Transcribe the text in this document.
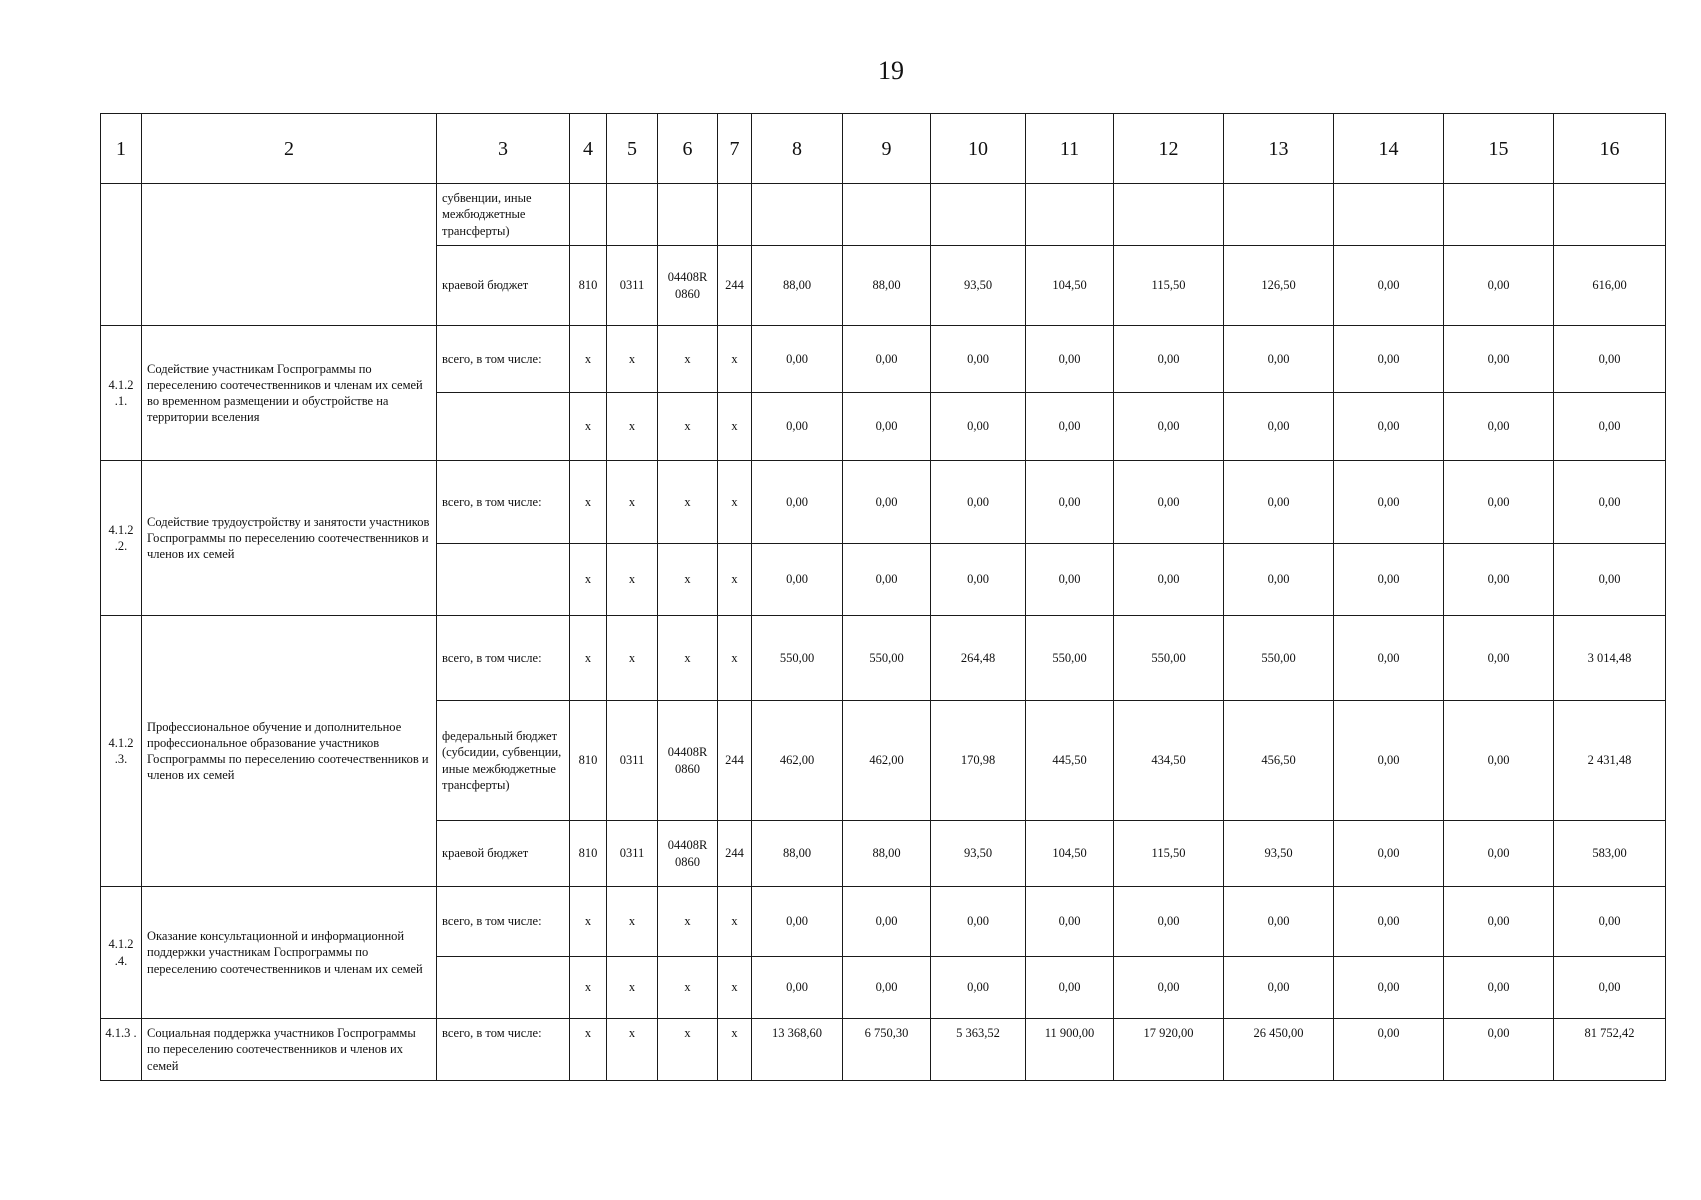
19
1	2	3	4	5	6	7	8	9	10	11	12	13	14	15	16
		субвенции, иные межбюджетные трансферты)													
		краевой бюджет	810	0311	04408R 0860	244	88,00	88,00	93,50	104,50	115,50	126,50	0,00	0,00	616,00
4.1.2 .1.	Содействие участникам Госпрограммы по переселению соотечественников и членам их семей во временном размещении и обустройстве на территории вселения	всего, в том числе:	х	х	х	х	0,00	0,00	0,00	0,00	0,00	0,00	0,00	0,00	0,00
			х	х	х	х	0,00	0,00	0,00	0,00	0,00	0,00	0,00	0,00	0,00
4.1.2 .2.	Содействие трудоустройству и занятости участников Госпрограммы по переселению соотечественников и членов их семей	всего, в том числе:	х	х	х	х	0,00	0,00	0,00	0,00	0,00	0,00	0,00	0,00	0,00
			х	х	х	х	0,00	0,00	0,00	0,00	0,00	0,00	0,00	0,00	0,00
4.1.2 .3.	Профессиональное обучение и дополнительное профессиональное образование участников Госпрограммы по переселению соотечественников и членов их семей	всего, в том числе:	х	х	х	х	550,00	550,00	264,48	550,00	550,00	550,00	0,00	0,00	3 014,48
		федеральный бюджет (субсидии, субвенции, иные межбюджетные трансферты)	810	0311	04408R 0860	244	462,00	462,00	170,98	445,50	434,50	456,50	0,00	0,00	2 431,48
		краевой бюджет	810	0311	04408R 0860	244	88,00	88,00	93,50	104,50	115,50	93,50	0,00	0,00	583,00
4.1.2 .4.	Оказание консультационной и информационной поддержки участникам Госпрограммы по переселению соотечественников и членам их семей	всего, в том числе:	х	х	х	х	0,00	0,00	0,00	0,00	0,00	0,00	0,00	0,00	0,00
			х	х	х	х	0,00	0,00	0,00	0,00	0,00	0,00	0,00	0,00	0,00
4.1.3 .	Социальная поддержка участников Госпрограммы по переселению соотечественников и членов их семей	всего, в том числе:	х	х	х	х	13 368,60	6 750,30	5 363,52	11 900,00	17 920,00	26 450,00	0,00	0,00	81 752,42
